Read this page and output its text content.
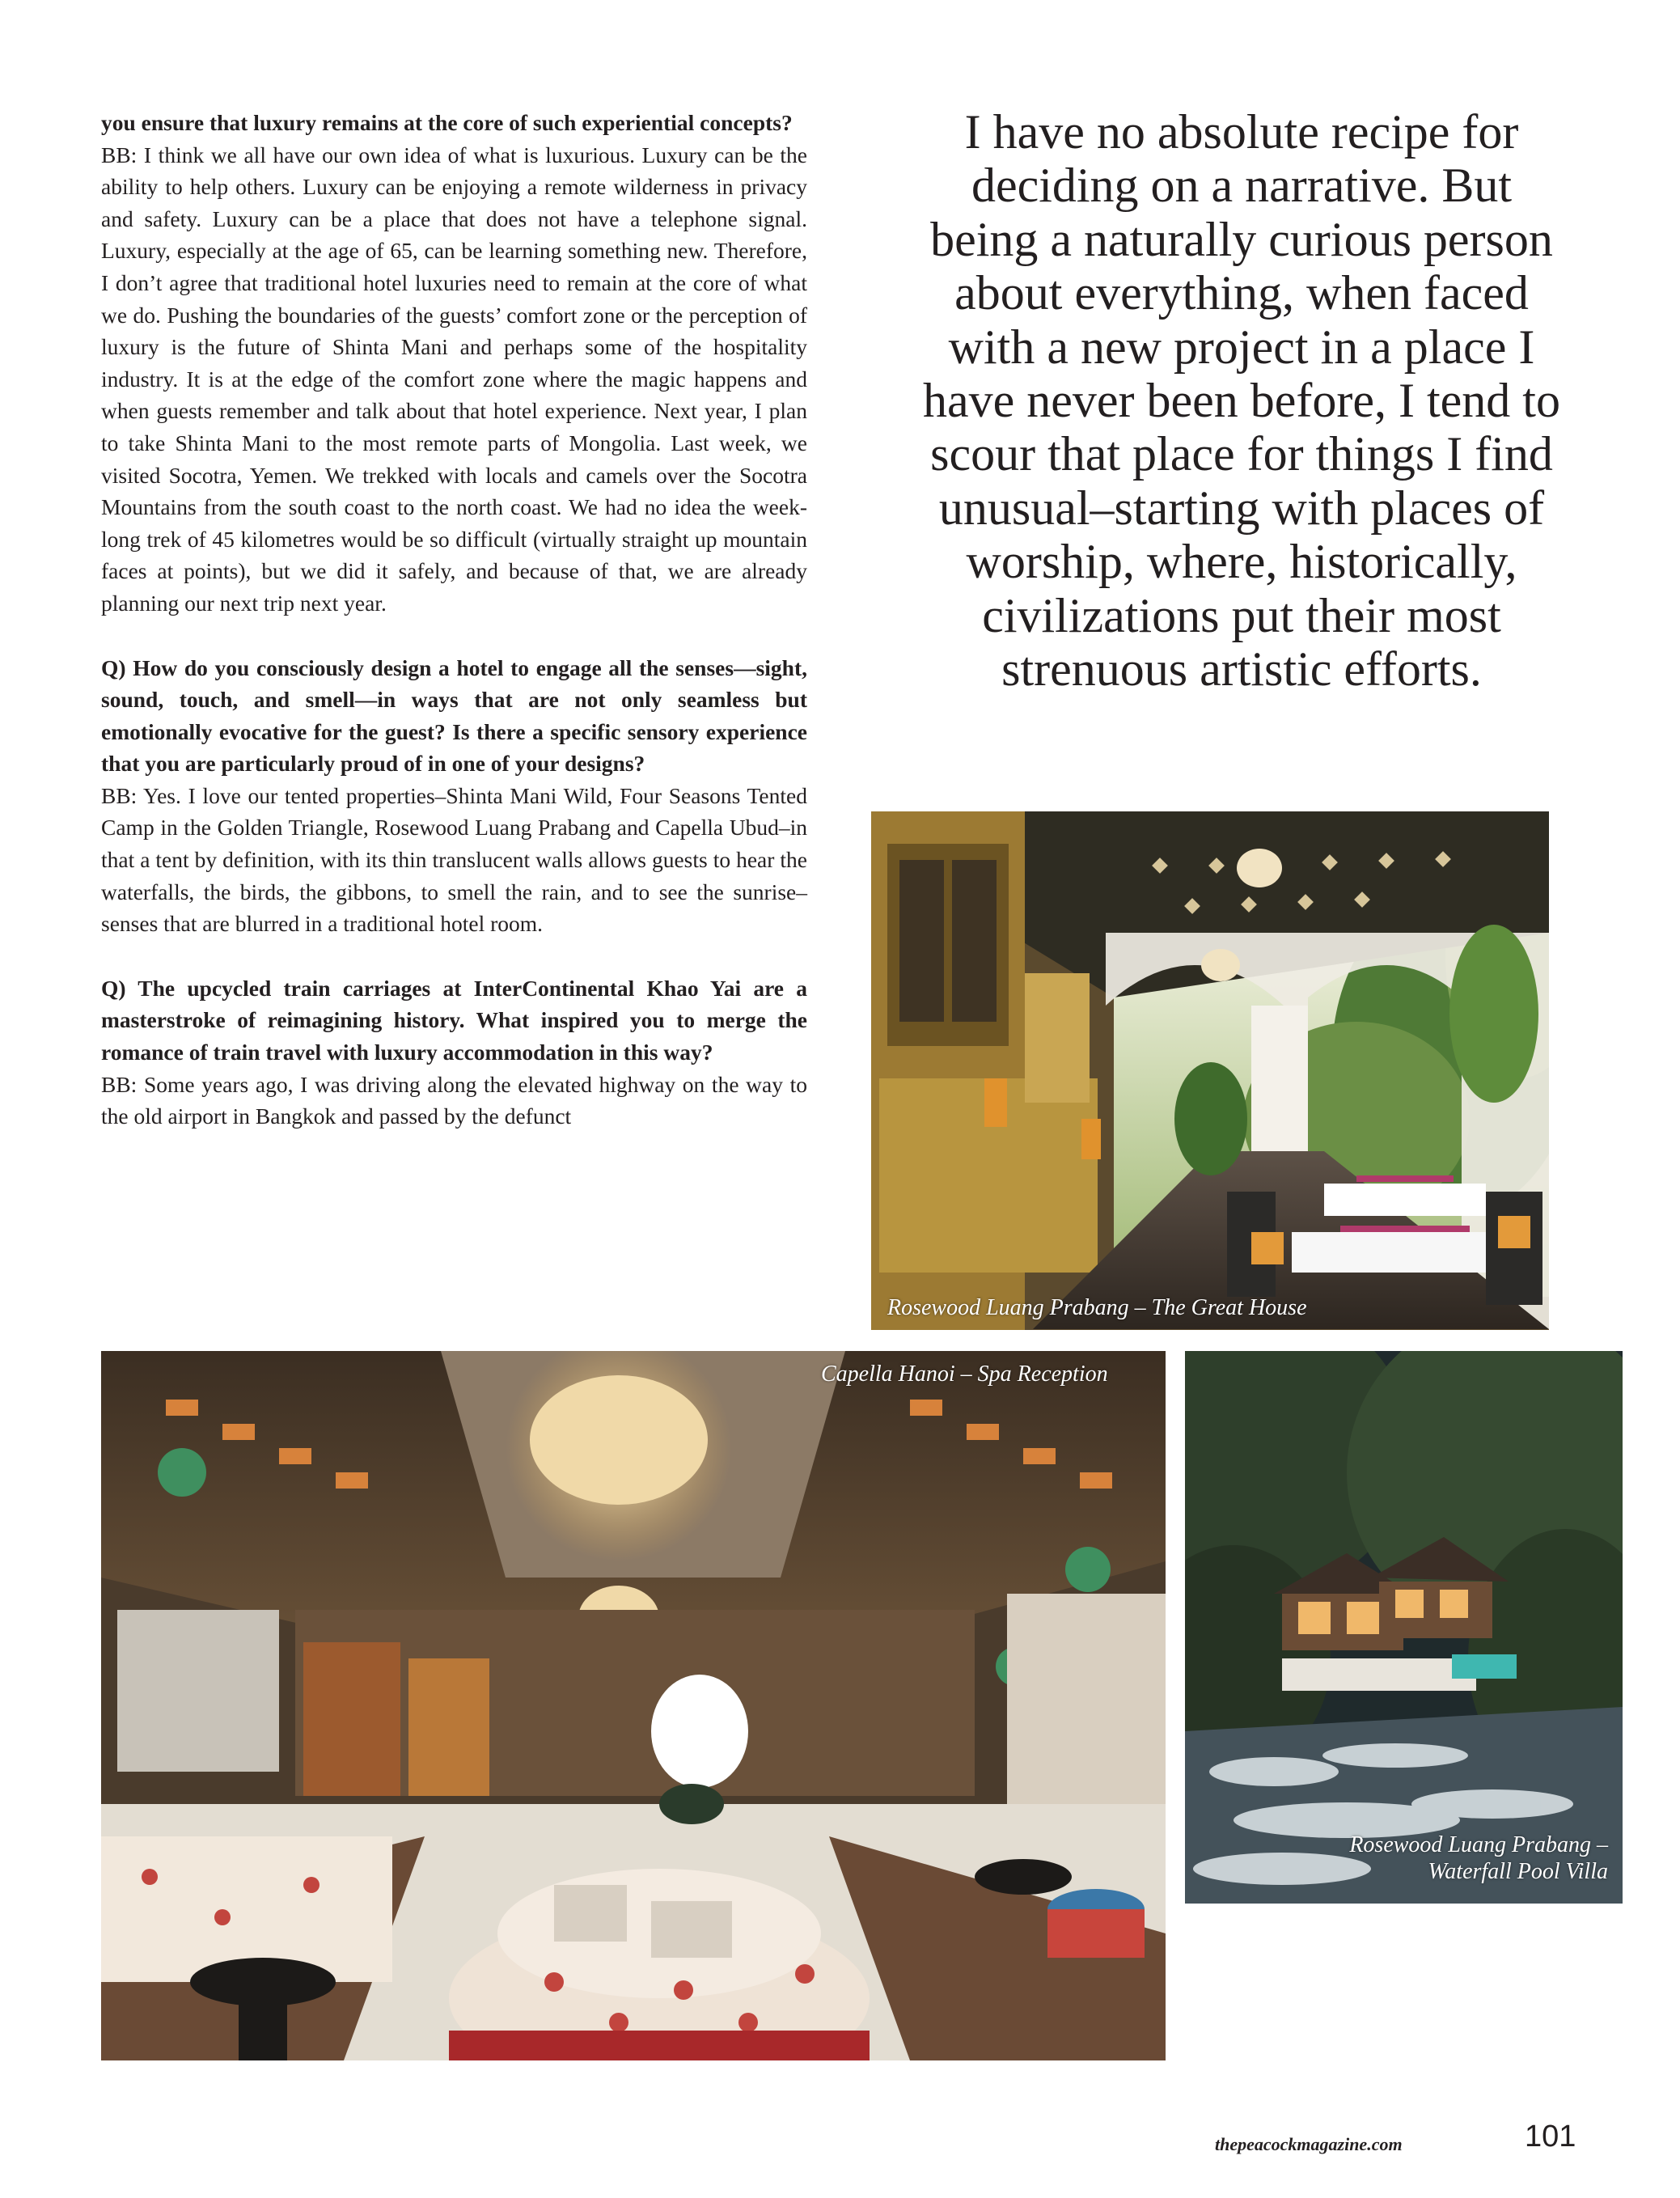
you ensure that luxury remains at the core of such experiential concepts?

BB: I think we all have our own idea of what is luxurious. Luxury can be the ability to help others. Luxury can be enjoying a remote wilderness in privacy and safety. Luxury can be a place that does not have a telephone signal. Luxury, especially at the age of 65, can be learning something new. Therefore, I don’t agree that traditional hotel luxuries need to remain at the core of what we do. Pushing the boundaries of the guests’ comfort zone or the perception of luxury is the future of Shinta Mani and perhaps some of the hospitality industry. It is at the edge of the comfort zone where the magic happens and when guests remember and talk about that hotel experience. Next year, I plan to take Shinta Mani to the most remote parts of Mongolia. Last week, we visited Socotra, Yemen. We trekked with locals and camels over the Socotra Mountains from the south coast to the north coast. We had no idea the week-long trek of 45 kilometres would be so difficult (virtually straight up mountain faces at points), but we did it safely, and because of that, we are already planning our next trip next year.

Q) How do you consciously design a hotel to engage all the senses—sight, sound, touch, and smell—in ways that are not only seamless but emotionally evocative for the guest? Is there a specific sensory experience that you are particularly proud of in one of your designs?

BB: Yes. I love our tented properties–Shinta Mani Wild, Four Seasons Tented Camp in the Golden Triangle, Rosewood Luang Prabang and Capella Ubud–in that a tent by definition, with its thin translucent walls allows guests to hear the waterfalls, the birds, the gibbons, to smell the rain, and to see the sunrise–senses that are blurred in a traditional hotel room.

Q) The upcycled train carriages at InterContinental Khao Yai are a masterstroke of reimagining history. What inspired you to merge the romance of train travel with luxury accommodation in this way?

BB: Some years ago, I was driving along the elevated highway on the way to the old airport in Bangkok and passed by the defunct

I have no absolute recipe for deciding on a narrative. But being a naturally curious person about everything, when faced with a new project in a place I have never been before, I tend to scour that place for things I find unusual–starting with places of worship, where, historically, civilizations put their most strenuous artistic efforts.
Rosewood Luang Prabang – The Great House
Capella Hanoi – Spa Reception
Rosewood Luang Prabang –
Waterfall Pool Villa
thepeacockmagazine.com	101
